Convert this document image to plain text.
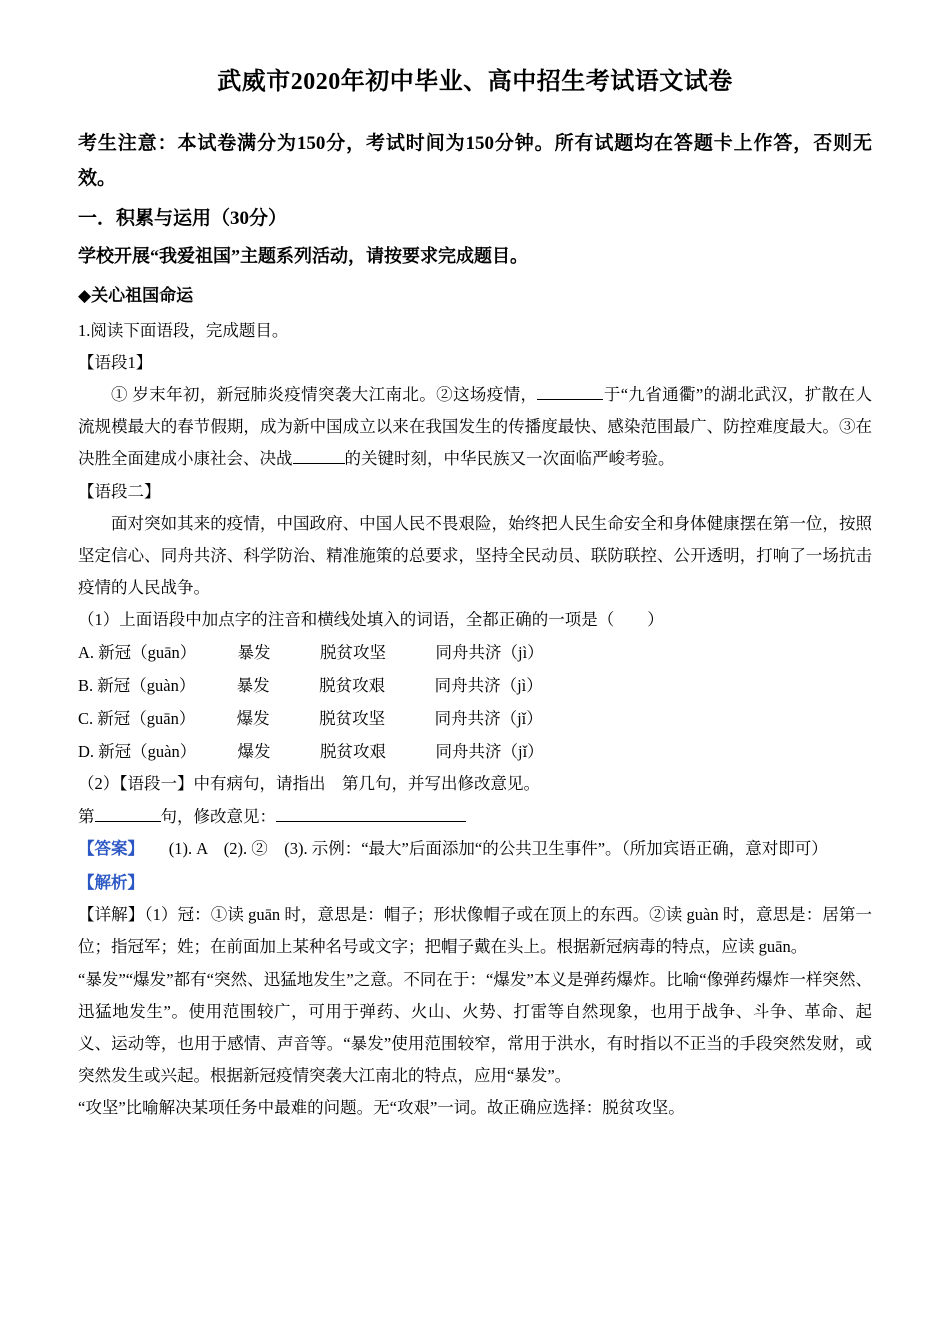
武威市2020年初中毕业、高中招生考试语文试卷

考生注意：本试卷满分为150分，考试时间为150分钟。所有试题均在答题卡上作答，否则无效。

一．积累与运用（30分）

学校开展“我爱祖国”主题系列活动，请按要求完成题目。

◆关心祖国命运

1.阅读下面语段，完成题目。

【语段1】

① 岁末年初，新冠肺炎疫情突袭大江南北。②这场疫情，	于“九省通衢”的湖北武汉，扩散在人流规模最大的春节假期，成为新中国成立以来在我国发生的传播度最快、感染范围最广、防控难度最大。③在决胜全面建成小康社会、决战	的关键时刻，中华民族又一次面临严峻考验。

【语段二】

面对突如其来的疫情，中国政府、中国人民不畏艰险，始终把人民生命安全和身体健康摆在第一位，按照坚定信心、同舟共济、科学防治、精准施策的总要求，坚持全民动员、联防联控、公开透明，打响了一场抗击疫情的人民战争。

（1）上面语段中加点字的注音和横线处填入的词语，全都正确的一项是（　　）

A. 新冠（guān）　　　暴发　　　脱贫攻坚　　　同舟共济（jì）

B. 新冠（guàn）　　　暴发　　　脱贫攻艰　　　同舟共济（jì）

C. 新冠（guān）　　　爆发　　　脱贫攻坚　　　同舟共济（jǐ）

D. 新冠（guàn）　　　爆发　　　脱贫攻艰　　　同舟共济（jǐ）

（2）【语段一】中有病句，请指出　第几句，并写出修改意见。

第	句，修改意见：

【答案】　　 (1). A　(2). ②　(3). 示例：“最大”后面添加“的公共卫生事件”。（所加宾语正确，意对即可）

【解析】

【详解】（1）冠：①读 guān 时，意思是：帽子；形状像帽子或在顶上的东西。②读 guàn 时，意思是：居第一位；指冠军；姓；在前面加上某种名号或文字；把帽子戴在头上。根据新冠病毒的特点，应读 guān。

“暴发”“爆发”都有“突然、迅猛地发生”之意。不同在于：“爆发”本义是弹药爆炸。比喻“像弹药爆炸一样突然、迅猛地发生”。使用范围较广，可用于弹药、火山、火势、打雷等自然现象，也用于战争、斗争、革命、起义、运动等，也用于感情、声音等。“暴发”使用范围较窄，常用于洪水，有时指以不正当的手段突然发财，或突然发生或兴起。根据新冠疫情突袭大江南北的特点，应用“暴发”。

“攻坚”比喻解决某项任务中最难的问题。无“攻艰”一词。故正确应选择：脱贫攻坚。
